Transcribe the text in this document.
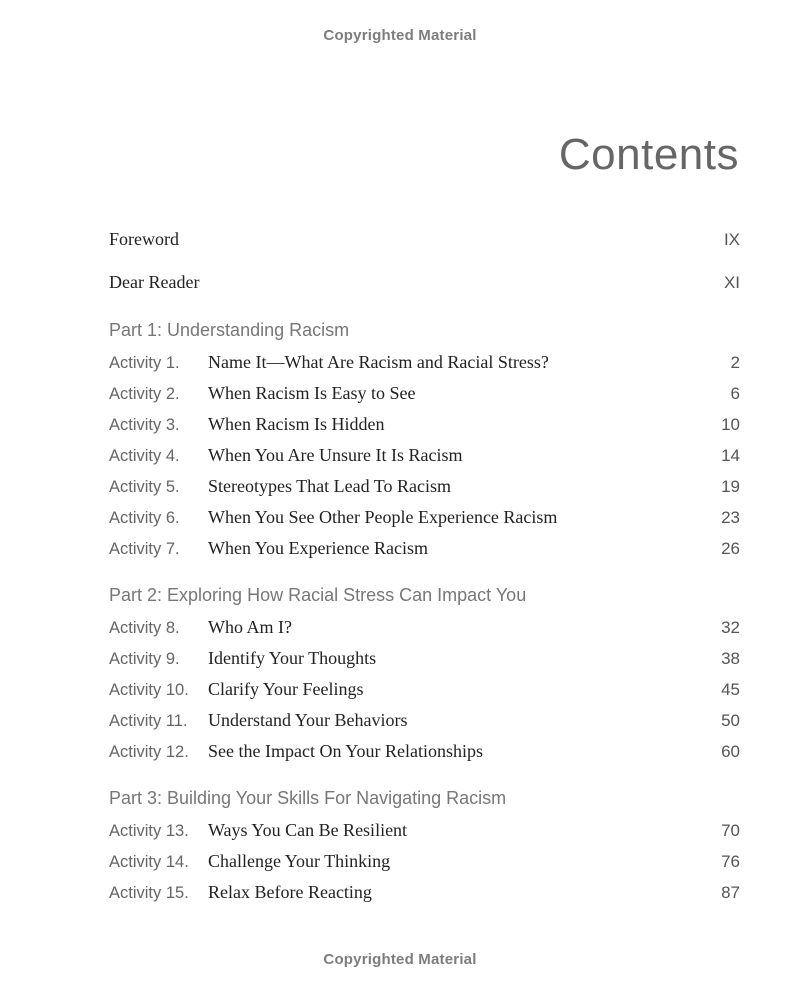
Copyrighted Material
Contents
Foreword	IX
Dear Reader	XI
Part 1: Understanding Racism
Activity 1.	Name It—What Are Racism and Racial Stress?	2
Activity 2.	When Racism Is Easy to See	6
Activity 3.	When Racism Is Hidden	10
Activity 4.	When You Are Unsure It Is Racism	14
Activity 5.	Stereotypes That Lead To Racism	19
Activity 6.	When You See Other People Experience Racism	23
Activity 7.	When You Experience Racism	26
Part 2: Exploring How Racial Stress Can Impact You
Activity 8.	Who Am I?	32
Activity 9.	Identify Your Thoughts	38
Activity 10.	Clarify Your Feelings	45
Activity 11.	Understand Your Behaviors	50
Activity 12.	See the Impact On Your Relationships	60
Part 3: Building Your Skills For Navigating Racism
Activity 13.	Ways You Can Be Resilient	70
Activity 14.	Challenge Your Thinking	76
Activity 15.	Relax Before Reacting	87
Copyrighted Material
